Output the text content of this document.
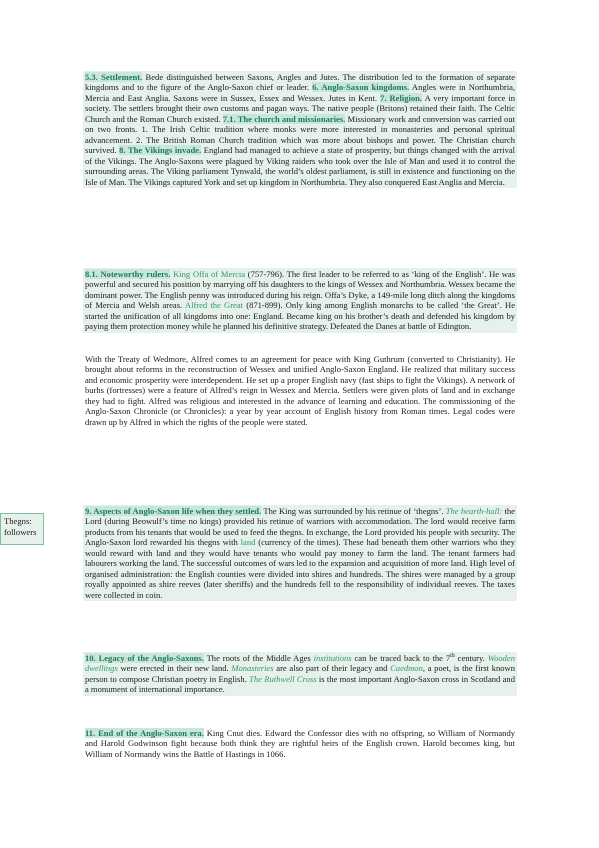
5.3. Settlement. Bede distinguished between Saxons, Angles and Jutes. The distribution led to the formation of separate kingdoms and to the figure of the Anglo-Saxon chief or leader. 6. Anglo-Saxon kingdoms. Angles were in Northumbria, Mercia and East Anglia. Saxons were in Sussex, Essex and Wessex. Jutes in Kent. 7. Religion. A very important force in society. The settlers brought their own customs and pagan ways. The native people (Britons) retained their faith. The Celtic Church and the Roman Church existed. 7.1. The church and missionaries. Missionary work and conversion was carried out on two fronts. 1. The Irish Celtic tradition where monks were more interested in monasteries and personal spiritual advancement. 2. The British Roman Church tradition which was more about bishops and power. The Christian church survived. 8. The Vikings invade. England had managed to achieve a state of prosperity, but things changed with the arrival of the Vikings. The Anglo-Saxons were plagued by Viking raiders who took over the Isle of Man and used it to control the surrounding areas. The Viking parliament Tynwald, the world’s oldest parliament, is still in existence and functioning on the Isle of Man. The Vikings captured York and set up kingdom in Northumbria. They also conquered East Anglia and Mercia.
8.1. Noteworthy rulers. King Offa of Mercia (757-796). The first leader to be referred to as ‘king of the English’. He was powerful and secured his position by marrying off his daughters to the kings of Wessex and Northumbria. Wessex became the dominant power. The English penny was introduced during his reign. Offa’s Dyke, a 149-mile long ditch along the kingdoms of Mercia and Welsh areas. Alfred the Great (871-899). Only king among English monarchs to be called ‘the Great’. He started the unification of all kingdoms into one: England. Became king on his brother’s death and defended his kingdom by paying them protection money while he planned his definitive strategy. Defeated the Danes at battle of Edington.
With the Treaty of Wedmore, Alfred comes to an agreement for peace with King Guthrum (converted to Christianity). He brought about reforms in the reconstruction of Wessex and unified Anglo-Saxon England. He realized that military success and economic prosperity were interdependent. He set up a proper English navy (fast ships to fight the Vikings). A network of burhs (fortresses) were a feature of Alfred’s reign in Wessex and Mercia. Settlers were given plots of land and in exchange they had to fight. Alfred was religious and interested in the advance of learning and education. The commissioning of the Anglo-Saxon Chronicle (or Chronicles): a year by year account of English history from Roman times. Legal codes were drawn up by Alfred in which the rights of the people were stated.
Thegns: followers
9. Aspects of Anglo-Saxon life when they settled. The King was surrounded by his retinue of ‘thegns’. The hearth-hall: the Lord (during Beowulf’s time no kings) provided his retinue of warriors with accommodation. The lord would receive farm products from his tenants that would be used to feed the thegns. In exchange, the Lord provided his people with security. The Anglo-Saxon lord rewarded his thegns with land (currency of the times). These had beneath them other warriors who they would reward with land and they would have tenants who would pay money to farm the land. The tenant farmers had labourers working the land. The successful outcomes of wars led to the expansion and acquisition of more land. High level of organised administration: the English counties were divided into shires and hundreds. The shires were managed by a group royally appointed as shire reeves (later sheriffs) and the hundreds fell to the responsibility of individual reeves. The taxes were collected in coin.
10. Legacy of the Anglo-Saxons. The roots of the Middle Ages institutions can be traced back to the 7th century. Wooden dwellings were erected in their new land. Monasteries are also part of their legacy and Caedmon, a poet, is the first known person to compose Christian poetry in English. The Ruthwell Cross is the most important Anglo-Saxon cross in Scotland and a monument of international importance.
11. End of the Anglo-Saxon era. King Cnut dies. Edward the Confessor dies with no offspring, so William of Normandy and Harold Godwinson fight because both think they are rightful heirs of the English crown. Harold becomes king, but William of Normandy wins the Battle of Hastings in 1066.
